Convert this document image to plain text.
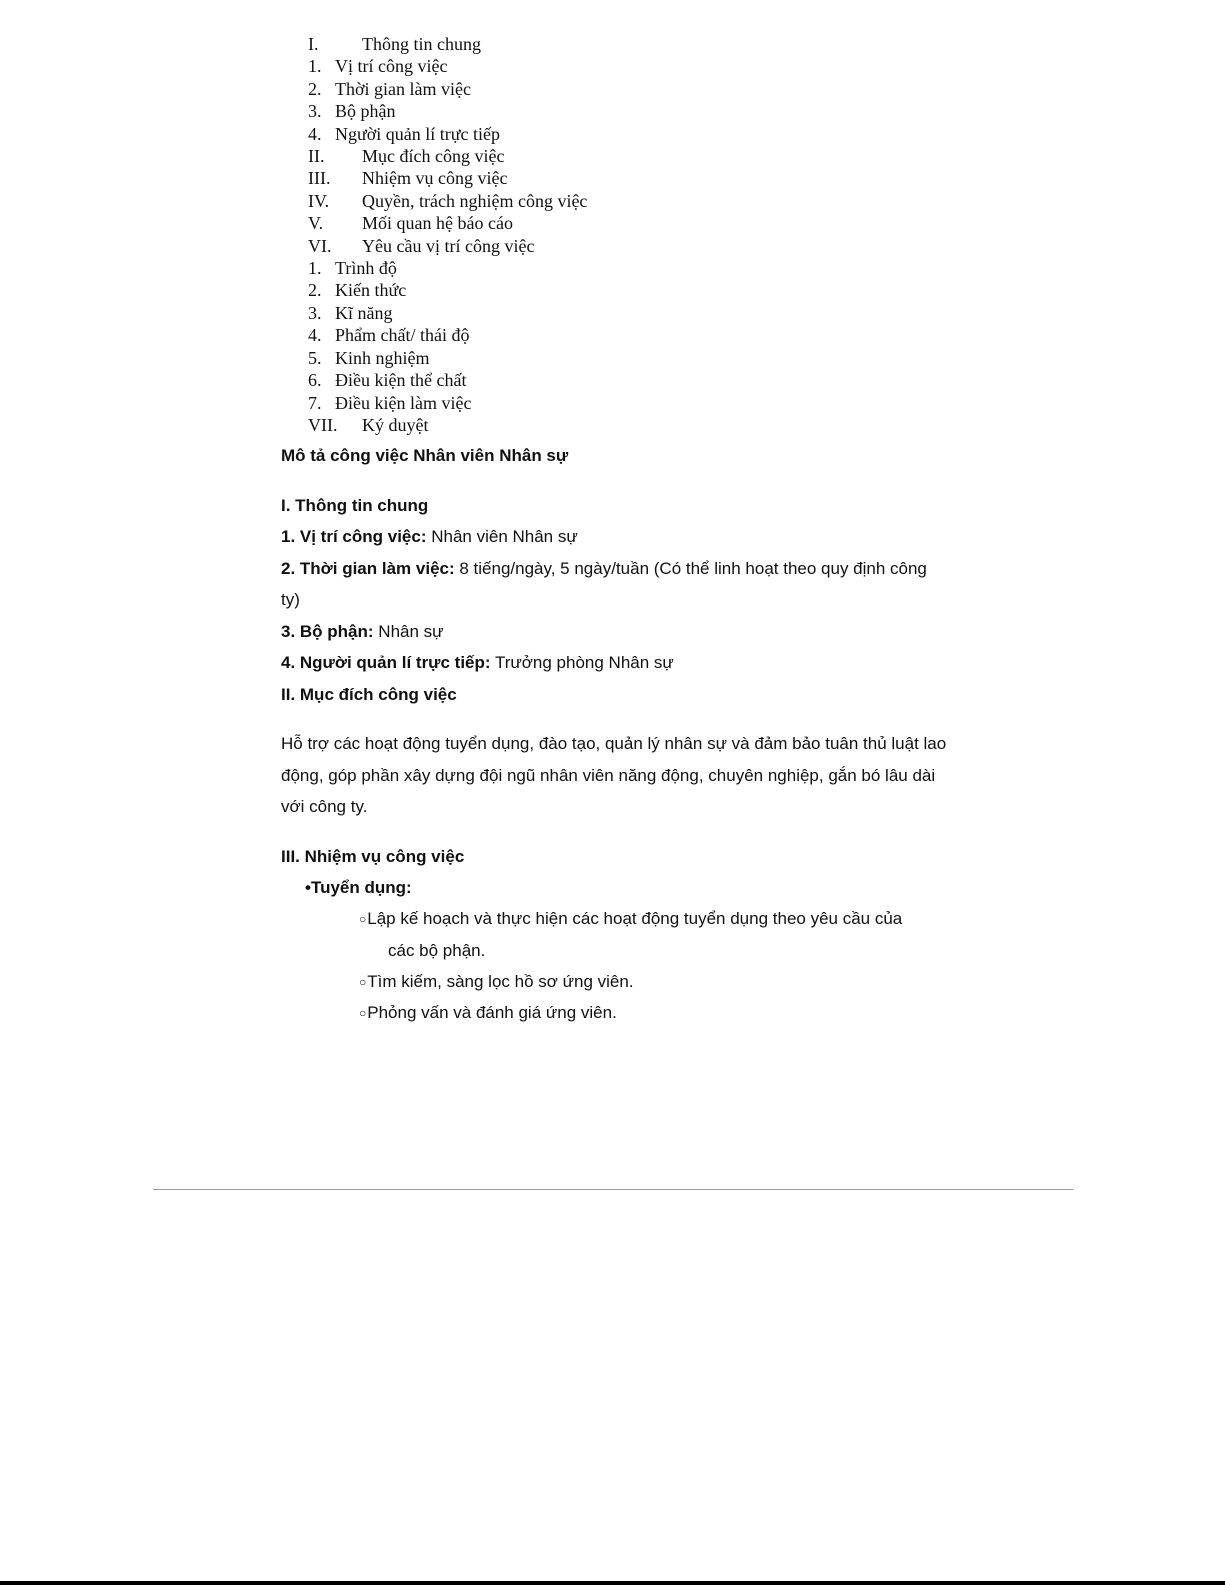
I.	Thông tin chung
1. Vị trí công việc
2. Thời gian làm việc
3. Bộ phận
4. Người quản lí trực tiếp
II.	Mục đích công việc
III.	Nhiệm vụ công việc
IV.	Quyền, trách nghiệm công việc
V.	Mối quan hệ báo cáo
VI.	Yêu cầu vị trí công việc
1. Trình độ
2. Kiến thức
3. Kĩ năng
4. Phẩm chất/ thái độ
5. Kinh nghiệm
6. Điều kiện thể chất
7. Điều kiện làm việc
VII.	Ký duyệt
Mô tả công việc Nhân viên Nhân sự
I. Thông tin chung
1. Vị trí công việc: Nhân viên Nhân sự
2. Thời gian làm việc: 8 tiếng/ngày, 5 ngày/tuần (Có thể linh hoạt theo quy định công
ty)
3. Bộ phận: Nhân sự
4. Người quản lí trực tiếp: Trưởng phòng Nhân sự
II. Mục đích công việc
Hỗ trợ các hoạt động tuyển dụng, đào tạo, quản lý nhân sự và đảm bảo tuân thủ luật lao
động, góp phần xây dựng đội ngũ nhân viên năng động, chuyên nghiệp, gắn bó lâu dài
với công ty.
III. Nhiệm vụ công việc
•Tuyển dụng:
○Lập kế hoạch và thực hiện các hoạt động tuyển dụng theo yêu cầu của
các bộ phận.
○Tìm kiếm, sàng lọc hồ sơ ứng viên.
○Phỏng vấn và đánh giá ứng viên.
